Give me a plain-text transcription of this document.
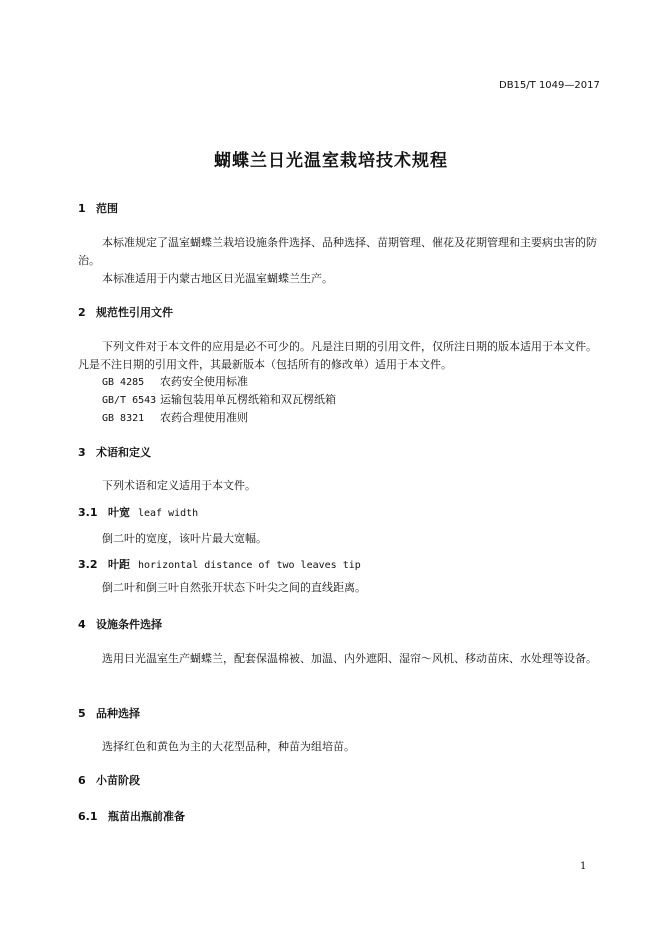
DB15/T 1049—2017
蝴蝶兰日光温室栽培技术规程
1 范围
本标准规定了温室蝴蝶兰栽培设施条件选择、品种选择、苗期管理、催花及花期管理和主要病虫害的防治。
本标准适用于内蒙古地区日光温室蝴蝶兰生产。
2 规范性引用文件
下列文件对于本文件的应用是必不可少的。凡是注日期的引用文件，仅所注日期的版本适用于本文件。凡是不注日期的引用文件，其最新版本（包括所有的修改单）适用于本文件。
GB 4285 农药安全使用标准
GB/T 6543 运输包装用单瓦楞纸箱和双瓦楞纸箱
GB 8321 农药合理使用准则
3 术语和定义
下列术语和定义适用于本文件。
3.1 叶宽 leaf width
倒二叶的宽度，该叶片最大宽幅。
3.2 叶距 horizontal distance of two leaves tip
倒二叶和倒三叶自然张开状态下叶尖之间的直线距离。
4 设施条件选择
选用日光温室生产蝴蝶兰，配套保温棉被、加温、内外遮阳、湿帘～风机、移动苗床、水处理等设备。
5 品种选择
选择红色和黄色为主的大花型品种，种苗为组培苗。
6 小苗阶段
6.1 瓶苗出瓶前准备
1
